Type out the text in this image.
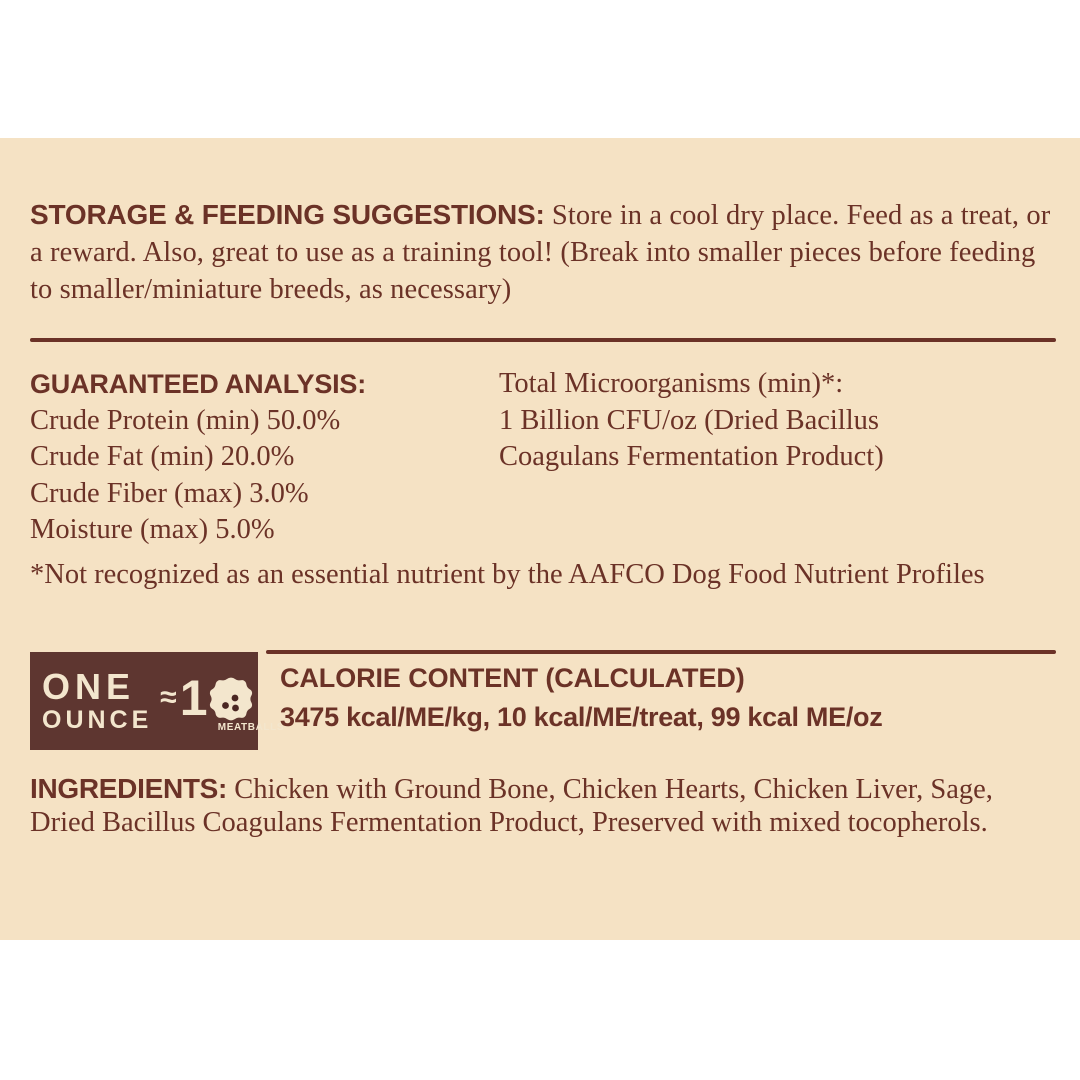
STORAGE & FEEDING SUGGESTIONS: Store in a cool dry place. Feed as a treat, or a reward. Also, great to use as a training tool! (Break into smaller pieces before feeding to smaller/miniature breeds, as necessary)
GUARANTEED ANALYSIS:
Crude Protein (min) 50.0%
Crude Fat (min) 20.0%
Crude Fiber (max) 3.0%
Moisture (max) 5.0%
Total Microorganisms (min)*:
1 Billion CFU/oz (Dried Bacillus
Coagulans Fermentation Product)
*Not recognized as an essential nutrient by the AAFCO Dog Food Nutrient Profiles
ONE
OUNCE
≈ 1
MEATBALLS
CALORIE CONTENT (CALCULATED)
3475 kcal/ME/kg, 10 kcal/ME/treat, 99 kcal ME/oz
INGREDIENTS: Chicken with Ground Bone, Chicken Hearts, Chicken Liver, Sage, Dried Bacillus Coagulans Fermentation Product, Preserved with mixed tocopherols.
